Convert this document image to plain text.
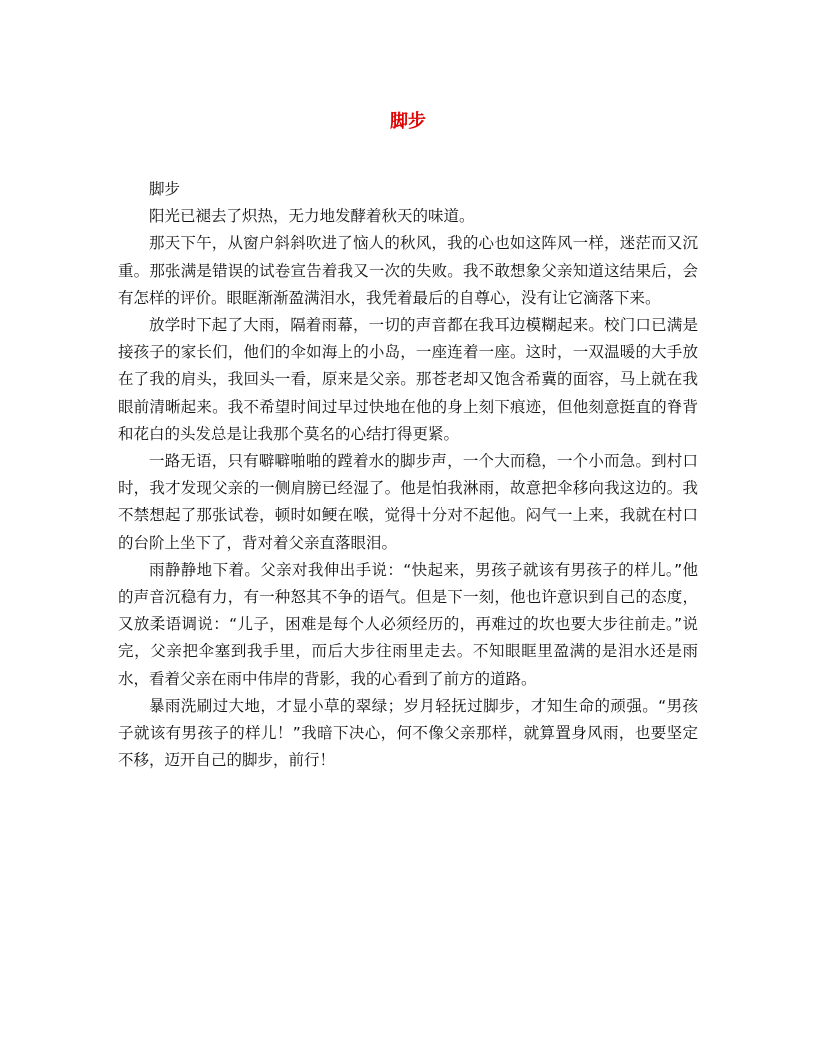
脚步

脚步

阳光已褪去了炽热，无力地发酵着秋天的味道。

那天下午，从窗户斜斜吹进了恼人的秋风，我的心也如这阵风一样，迷茫而又沉重。那张满是错误的试卷宣告着我又一次的失败。我不敢想象父亲知道这结果后，会有怎样的评价。眼眶渐渐盈满泪水，我凭着最后的自尊心，没有让它滴落下来。

放学时下起了大雨，隔着雨幕，一切的声音都在我耳边模糊起来。校门口已满是接孩子的家长们，他们的伞如海上的小岛，一座连着一座。这时，一双温暖的大手放在了我的肩头，我回头一看，原来是父亲。那苍老却又饱含希冀的面容，马上就在我眼前清晰起来。我不希望时间过早过快地在他的身上刻下痕迹，但他刻意挺直的脊背和花白的头发总是让我那个莫名的心结打得更紧。

一路无语，只有噼噼啪啪的蹚着水的脚步声，一个大而稳，一个小而急。到村口时，我才发现父亲的一侧肩膀已经湿了。他是怕我淋雨，故意把伞移向我这边的。我不禁想起了那张试卷，顿时如鲠在喉，觉得十分对不起他。闷气一上来，我就在村口的台阶上坐下了，背对着父亲直落眼泪。

雨静静地下着。父亲对我伸出手说：“快起来，男孩子就该有男孩子的样儿。”他的声音沉稳有力，有一种怒其不争的语气。但是下一刻，他也许意识到自己的态度，又放柔语调说：“儿子，困难是每个人必须经历的，再难过的坎也要大步往前走。”说完，父亲把伞塞到我手里，而后大步往雨里走去。不知眼眶里盈满的是泪水还是雨水，看着父亲在雨中伟岸的背影，我的心看到了前方的道路。

暴雨洗刷过大地，才显小草的翠绿；岁月轻抚过脚步，才知生命的顽强。“男孩子就该有男孩子的样儿！”我暗下决心，何不像父亲那样，就算置身风雨，也要坚定不移，迈开自己的脚步，前行！
